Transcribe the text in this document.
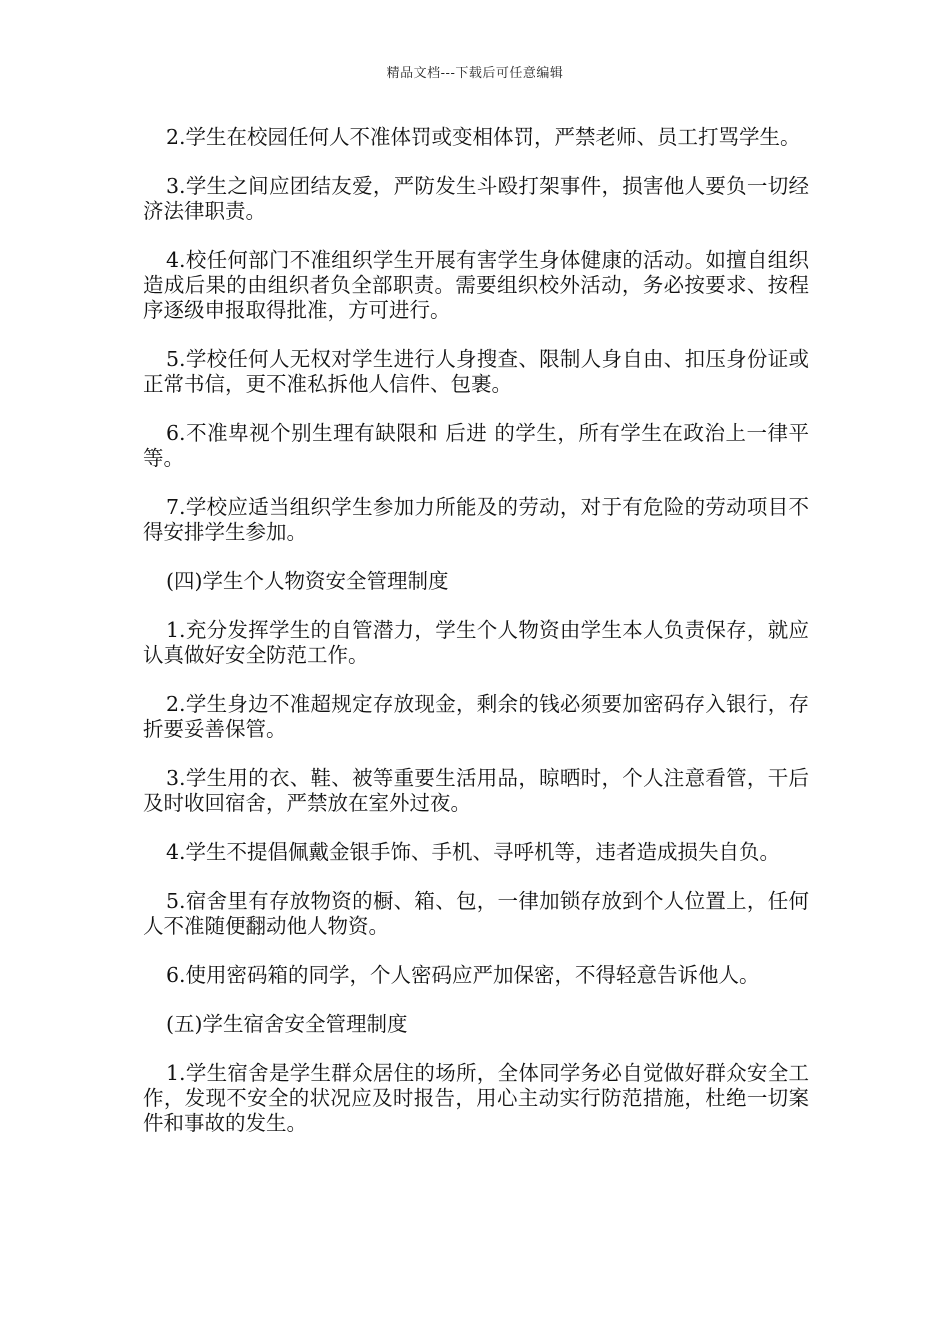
精品文档---下载后可任意编辑

2.学生在校园任何人不准体罚或变相体罚，严禁老师、员工打骂学生。

3.学生之间应团结友爱，严防发生斗殴打架事件，损害他人要负一切经济法律职责。

4.校任何部门不准组织学生开展有害学生身体健康的活动。如擅自组织造成后果的由组织者负全部职责。需要组织校外活动，务必按要求、按程序逐级申报取得批准，方可进行。

5.学校任何人无权对学生进行人身搜查、限制人身自由、扣压身份证或正常书信，更不准私拆他人信件、包裹。

6.不准卑视个别生理有缺限和 后进 的学生，所有学生在政治上一律平等。

7.学校应适当组织学生参加力所能及的劳动，对于有危险的劳动项目不得安排学生参加。

(四)学生个人物资安全管理制度

1.充分发挥学生的自管潜力，学生个人物资由学生本人负责保存，就应认真做好安全防范工作。

2.学生身边不准超规定存放现金，剩余的钱必须要加密码存入银行，存折要妥善保管。

3.学生用的衣、鞋、被等重要生活用品，晾晒时，个人注意看管，干后及时收回宿舍，严禁放在室外过夜。

4.学生不提倡佩戴金银手饰、手机、寻呼机等，违者造成损失自负。

5.宿舍里有存放物资的橱、箱、包，一律加锁存放到个人位置上，任何人不准随便翻动他人物资。

6.使用密码箱的同学，个人密码应严加保密，不得轻意告诉他人。

(五)学生宿舍安全管理制度

1.学生宿舍是学生群众居住的场所，全体同学务必自觉做好群众安全工作，发现不安全的状况应及时报告，用心主动实行防范措施，杜绝一切案件和事故的发生。
